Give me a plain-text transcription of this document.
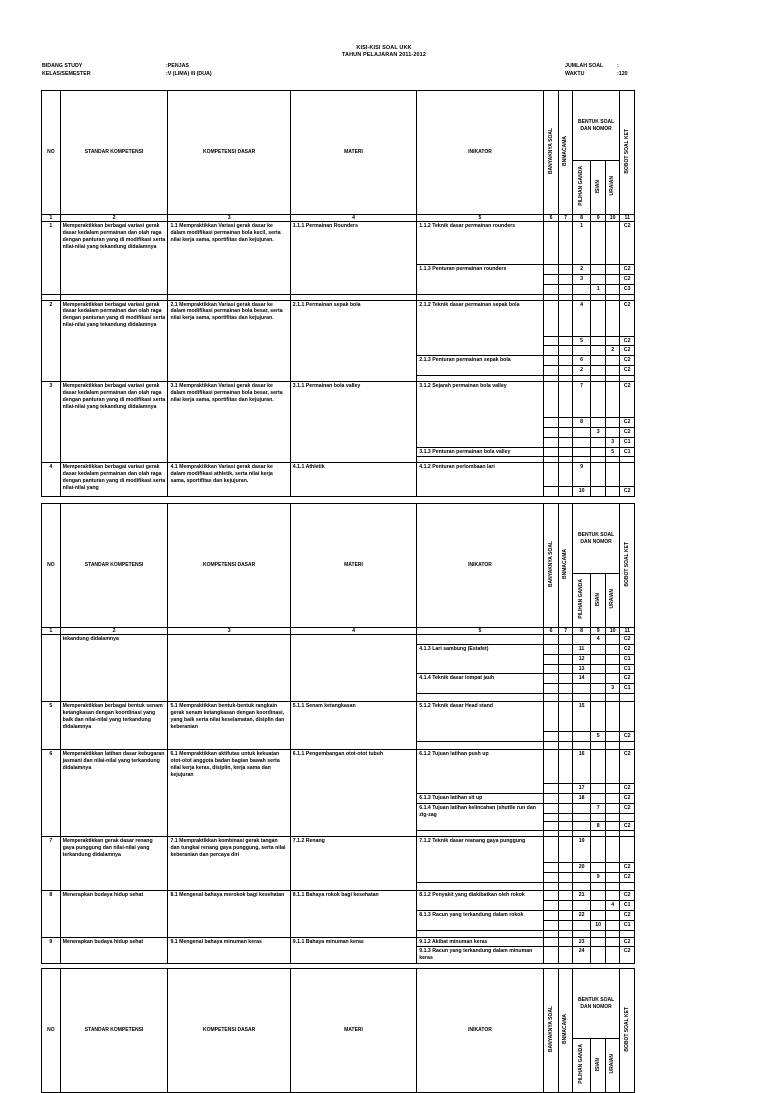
KISI-KISI SOAL UKK
TAHUN PELAJARAN 2011-2012
BIDANG STUDY	:PENJAS
KELAS/SEMESTER	:V (LIMA) /II (DUA)
JUMLAH SOAL	:
WAKTU	:120
NO	STANDAR KOMPETENSI	KOMPETENSI DASAR	MATERI	INIKATOR	BANYAKNYA SOAL	BNMACAMA	BENTUK SOAL DAN NOMOR			BOBOT SOAL KET
							PILIHAN GANDA	ISIAN	URAIAN	
1	2	3	4	5	6	7	8	9	10	11
1	Memperaktikkan berbagai variasi gerak dasar kedalam permainan dan olah raga dengan panturan yang di modifikasi serta nilai-nilai yang tekandung didalamnya	1.1 Mempraktikkan Variasi gerak dasar ke dalam modifikasi permainan bola kecil, serta nilai kerja sama, sportifitas dan kejujuran.	1.1.1 Permainan Rounders	1.1.2 Teknik dasar permainan rounders			1			C2
				1.1.3 Penturan permainan rounders			2			C2
							3			C2
								1		C3

2	Memperaktikkan berbagai variasi gerak dasar kedalam permainan dan olah raga dengan panturan yang di modifikasi serta nilai-nilai yang tekandung didalamnya	2.1 Mempraktikkan Variasi gerak dasar ke dalam modifikasi permainan bola besar, serta nilai kerja sama, sportifitas dan kejujuran.	2.1.1 Permainan sepak bola	2.1.2 Teknik dasar permainan sepak bola			4			C2
							5			C2
									2	C2
				2.1.3 Penturan permainan sepak bola			6			C2
							2			C2

3	Memperaktikkan berbagai variasi gerak dasar kedalam permainan dan olah raga dengan panturan yang di modifikasi serta nilai-nilai yang tekandung didalamnya	3.1 Mempraktikkan Variasi gerak dasar ke dalam modifikasi permainan bola besar, serta nilai kerja sama, sportifitas dan kejujuran.	3.1.1 Permainan bola valley	3.1.2 Sejarah permainan bola valley			7			C2
							8			C2
								3		C2
									3	C1
				3.1.3 Penturan permainan bola valley					5	C1

4	Memperaktikkan berbagai variasi gerak dasar kedalam permainan dan olah raga dengan panturan yang di modifikasi serta nilai-nilai yang	4.1 Mempraktikkan Variasi gerak dasar ke dalam modifikasi athletik, serta nilai kerja sama, sportifitas dan kejujuran.	4.1.1 Athletik	4.1.2 Penturan perlombaan lari			9			
							10			C2
NO	STANDAR KOMPETENSI	KOMPETENSI DASAR	MATERI	INIKATOR	BANYAKNYA SOAL	BNMACAMA	BENTUK SOAL DAN NOMOR			BOBOT SOAL KET
							PILIHAN GANDA	ISIAN	URAIAN	
1	2	3	4	5	6	7	8	9	10	11
	tekandung didalamnya							4		C2
				4.1.3 Lari sambung (Estafet)			11			C2
							12			C1
							13			C1
				4.1.4 Teknik dasar lompat jauh			14			C2
									3	C1

5	Memperaktikkan berbagai bentuk senam ketangkasan dengan koordinasi yang baik dan nilai-nilai yang terkandung didalamnya	5.1 Mempraktikkan bentuk-bentuk rangkain gerak senam ketangkasan dengan koordinasi, yang baik serta nilai keselamatan, disiplin dan keberanian	5.1.1 Senam ketangkasan	5.1.2 Teknik dasar Head stand			15			
								5		C2

6	Memperaktikkan latihan dasar kebugaran jasmani dan nilai-nilai yang terkandung didalamnya	6.1 Mempraktikkan aktifutas untuk kekuatan otot-otot anggota badan bagian bawah serta nilai kerja keras, disiplin, kerja sama dan kejujuran	6.1.1 Pengembangan otot-otot tubuh	6.1.2 Tujuan latihan push up			16			C2
							17			C2
				6.1.3 Tujuan latihan sit up			18			C2
				6.1.4 Tujuan latihan kelincahan (shuttle run dan zig-zag				7		C2

								8		C2

7	Memperaktikkan gerak dasar renang gaya punggung dan nilai-nilai yang terkandung didalamnya	7.1 Mempraktikkan kombinasi gerak tangan dan tungkai renang gaya punggung, serta nilai keberanian dan percaya diri	7.1.2 Renang	7.1.2 Teknik dasar reanang gaya punggung			19			
							20			C2
								9		C2

8	Menerapkan budaya hidup sehat	8.1 Mengenal bahaya merokok bagi kesehatan	8.1.1 Bahaya rokok bagi kesehatan	8.1.2 Penyakit yang diakibatkan oleh rokok			21			C2
									4	C1
				8.1.3 Racun yang terkandung dalam rokok			22			C2
								10		C1

9	Menerapkan budaya hidup sehat	9.1 Mengenal bahaya minuman keras	9.1.1 Bahaya minuman keras	9.1.2 Akibat minuman keras			23			C2
				9.1.3 Racun yang terkandung dalam minuman keras			24			C2
NO	STANDAR KOMPETENSI	KOMPETENSI DASAR	MATERI	INIKATOR	BANYAKNYA SOAL	BNMACAMA	BENTUK SOAL DAN NOMOR			BOBOT SOAL KET
							PILIHAN GANDA	ISIAN	URAIAN	
